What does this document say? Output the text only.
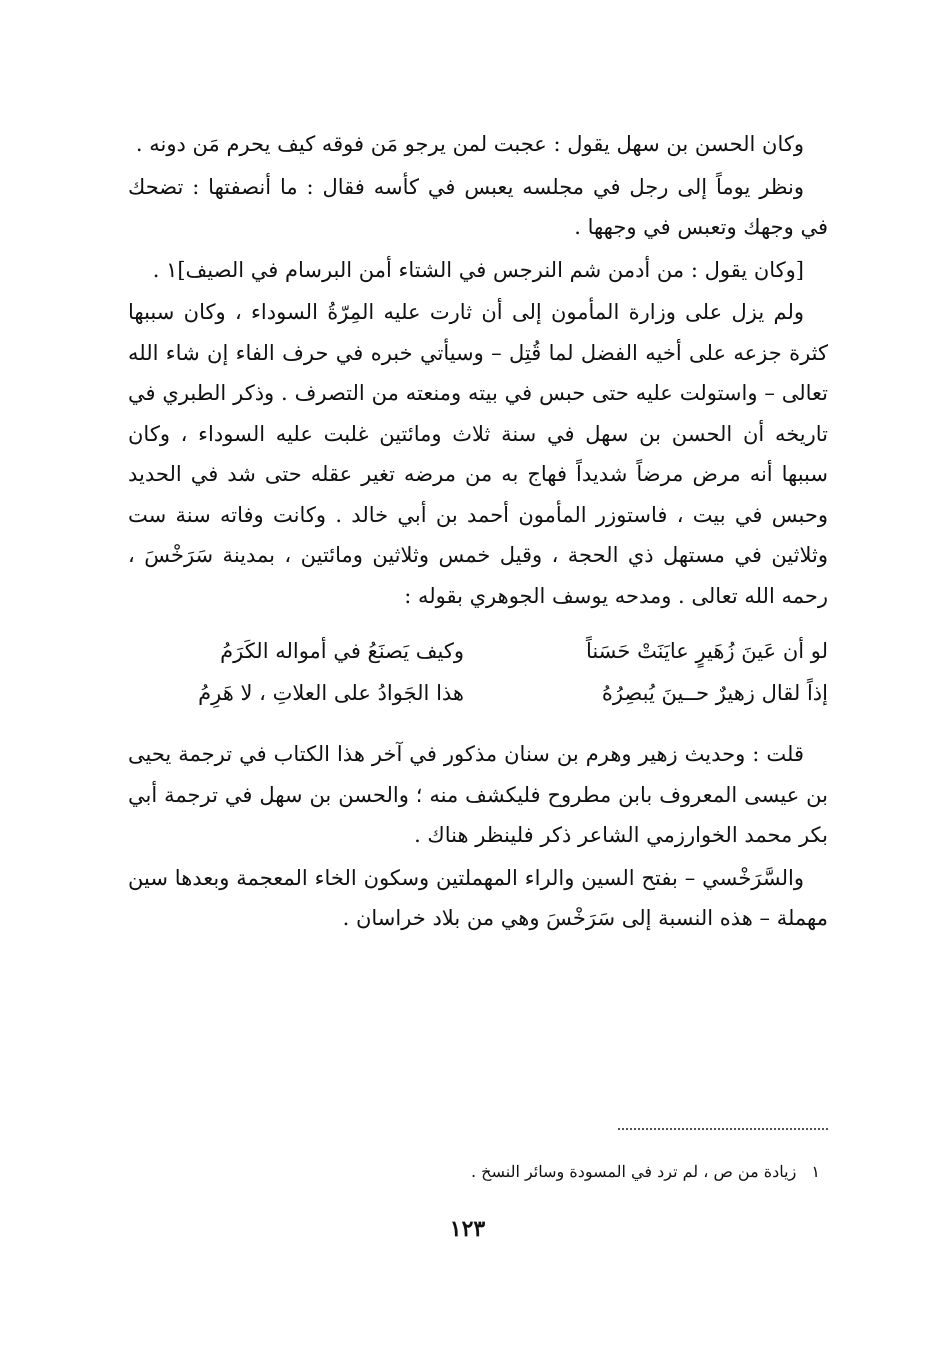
وكان الحسن بن سهل يقول : عجبت لمن يرجو مَن فوقه كيف يحرم مَن دونه .

ونظر يوماً إلى رجل في مجلسه يعبس في كأسه فقال : ما أنصفتها : تضحك في وجهك وتعبس في وجهها .

[وكان يقول : من أدمن شم النرجس في الشتاء أمن البرسام في الصيف]١ .

ولم يزل على وزارة المأمون إلى أن ثارت عليه المِرّةُ السوداء ، وكان سببها كثرة جزعه على أخيه الفضل لما قُتِل – وسيأتي خبره في حرف الفاء إن شاء الله تعالى – واستولت عليه حتى حبس في بيته ومنعته من التصرف . وذكر الطبري في تاريخه أن الحسن بن سهل في سنة ثلاث ومائتين غلبت عليه السوداء ، وكان سببها أنه مرض مرضاً شديداً فهاج به من مرضه تغير عقله حتى شد في الحديد وحبس في بيت ، فاستوزر المأمون أحمد بن أبي خالد . وكانت وفاته سنة ست وثلاثين في مستهل ذي الحجة ، وقيل خمس وثلاثين ومائتين ، بمدينة سَرَخْسَ ، رحمه الله تعالى . ومدحه يوسف الجوهري بقوله :

لو أن عَينَ زُهَيرٍ عايَنَتْ حَسَناً
وكيف يَصنَعُ في أمواله الكَرَمُ
إذاً لقال زهيرٌ حــينَ يُبصِرُهُ
هذا الجَوادُ على العلاتِ ، لا هَرِمُ

قلت : وحديث زهير وهرم بن سنان مذكور في آخر هذا الكتاب في ترجمة يحيى بن عيسى المعروف بابن مطروح فليكشف منه ؛ والحسن بن سهل في ترجمة أبي بكر محمد الخوارزمي الشاعر ذكر فلينظر هناك .

والسَّرَخْسي – بفتح السين والراء المهملتين وسكون الخاء المعجمة وبعدها سين مهملة – هذه النسبة إلى سَرَخْسَ وهي من بلاد خراسان .

١ زيادة من ص ، لم ترد في المسودة وسائر النسخ .
١٢٣
